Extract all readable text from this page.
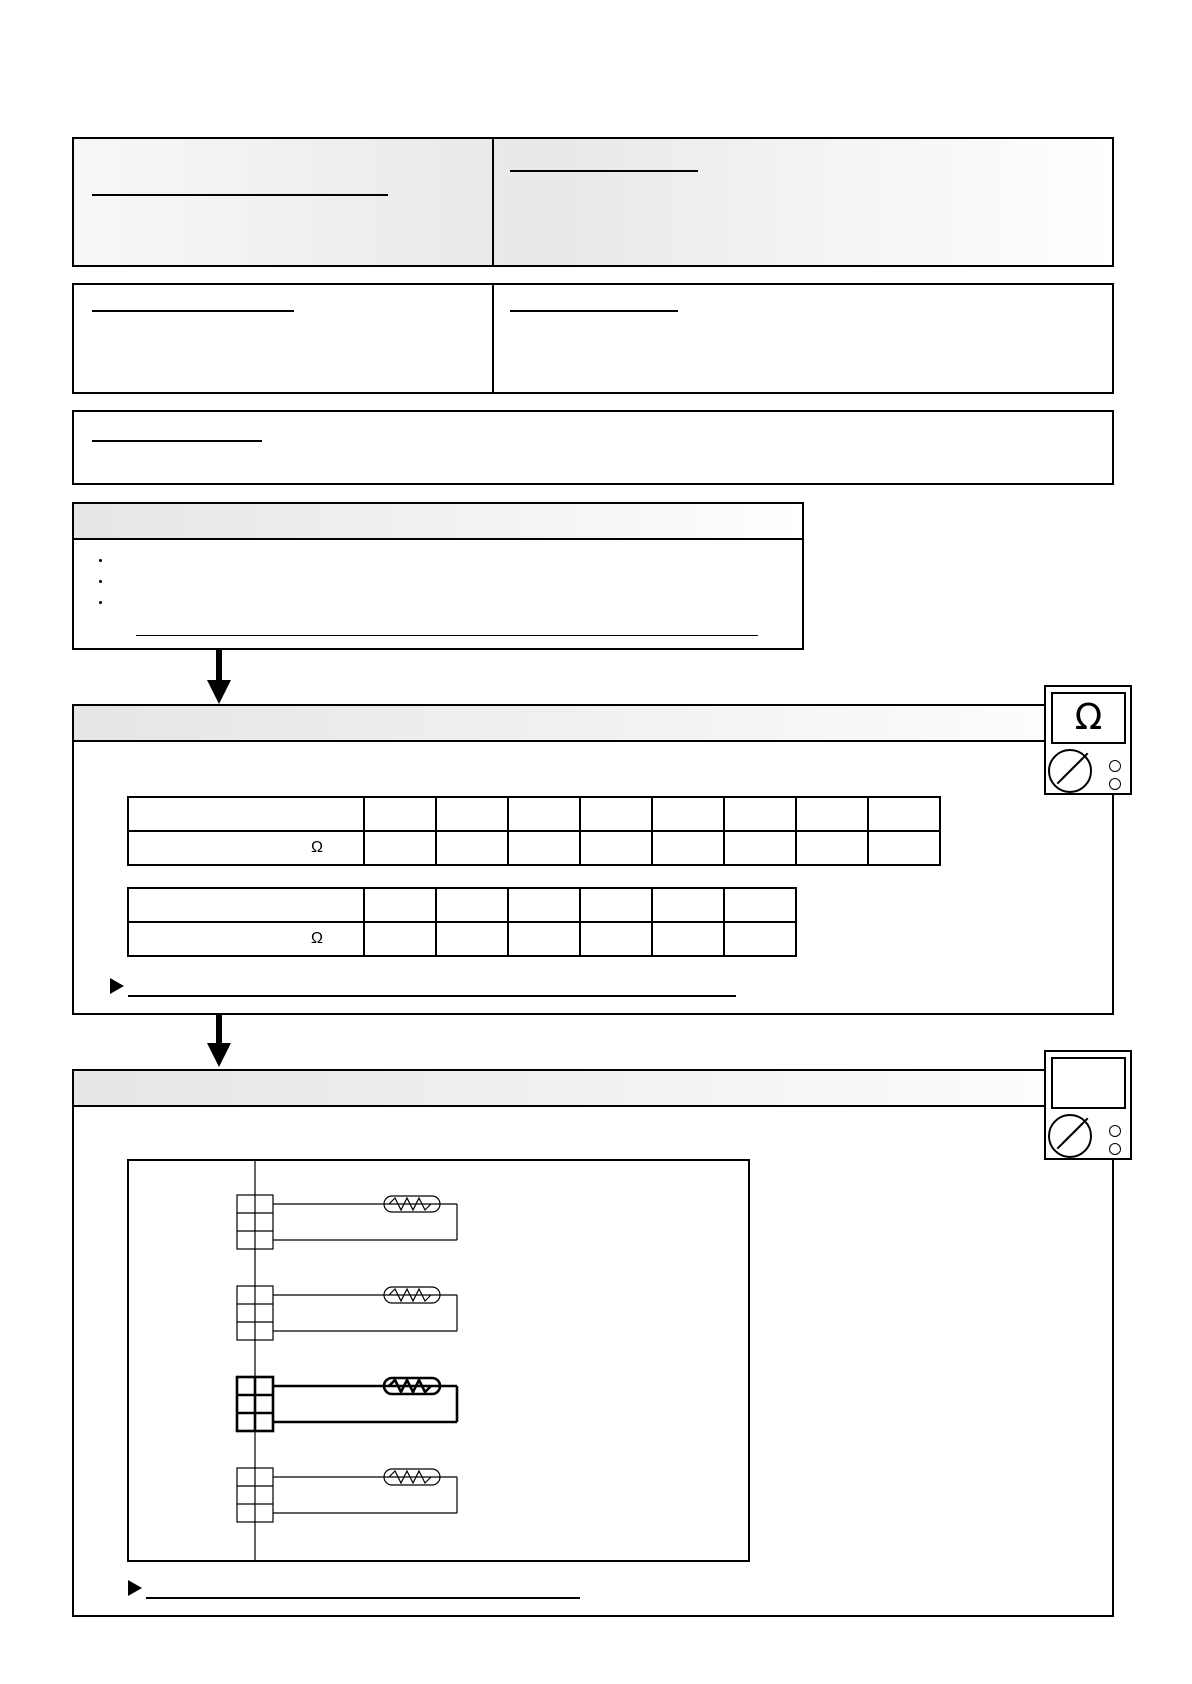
Ω

Ω								

Ω						
